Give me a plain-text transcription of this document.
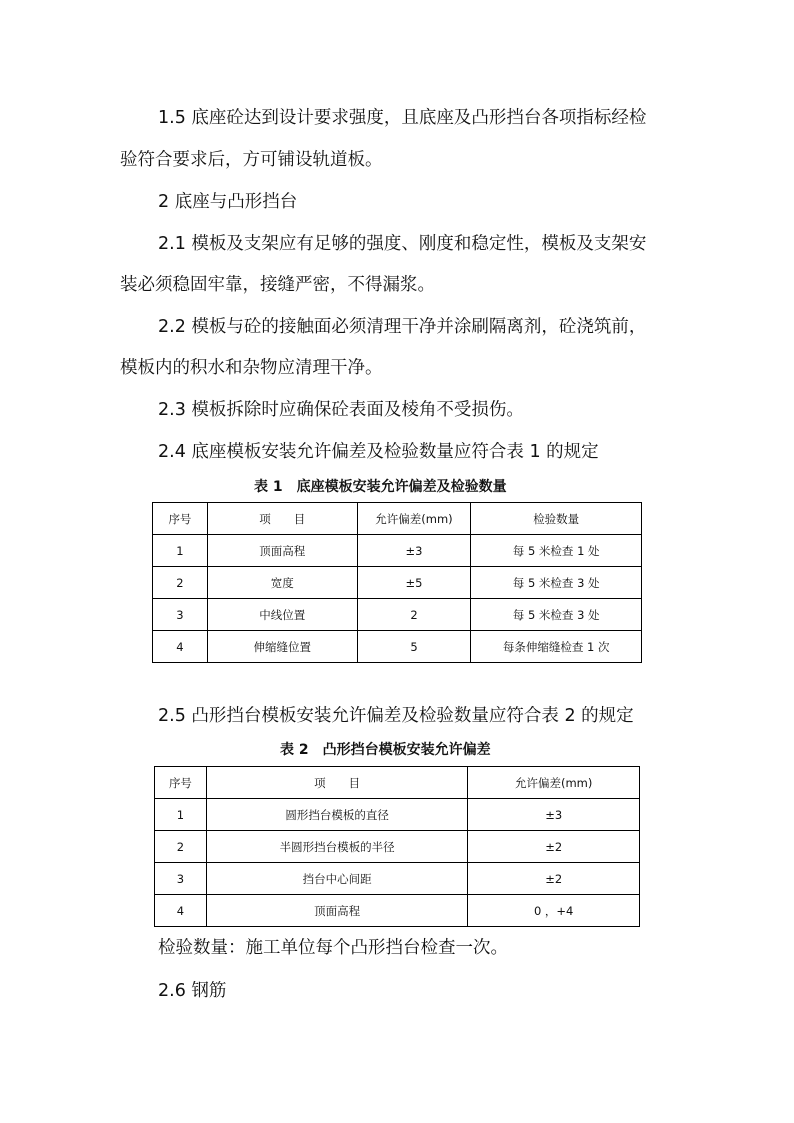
1.5 底座砼达到设计要求强度，且底座及凸形挡台各项指标经检
验符合要求后，方可铺设轨道板。
2 底座与凸形挡台
2.1 模板及支架应有足够的强度、刚度和稳定性，模板及支架安
装必须稳固牢靠，接缝严密，不得漏浆。
2.2 模板与砼的接触面必须清理干净并涂刷隔离剂，砼浇筑前，
模板内的积水和杂物应清理干净。
2.3 模板拆除时应确保砼表面及棱角不受损伤。
2.4 底座模板安装允许偏差及检验数量应符合表 1 的规定
表 1　底座模板安装允许偏差及检验数量
序号	项　　目	允许偏差(mm)	检验数量
1	顶面高程	±3	每 5 米检查 1 处
2	宽度	±5	每 5 米检查 3 处
3	中线位置	2	每 5 米检查 3 处
4	伸缩缝位置	5	每条伸缩缝检查 1 次
2.5 凸形挡台模板安装允许偏差及检验数量应符合表 2 的规定
表 2　凸形挡台模板安装允许偏差
序号	项　　目	允许偏差(mm)
1	圆形挡台模板的直径	±3
2	半圆形挡台模板的半径	±2
3	挡台中心间距	±2
4	顶面高程	0 ，+4
检验数量：施工单位每个凸形挡台检查一次。
2.6 钢筋
